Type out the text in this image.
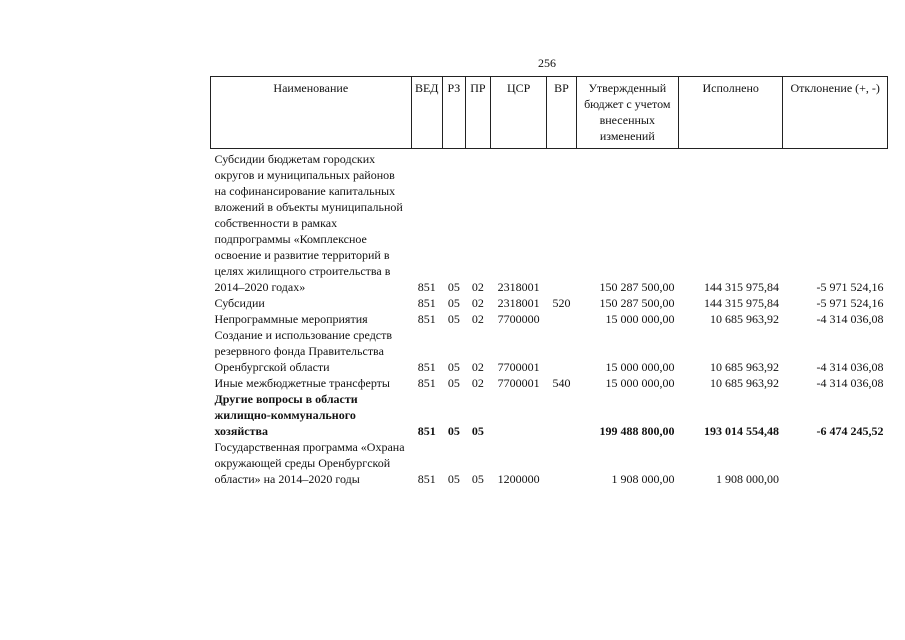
256
Наименование	ВЕД	РЗ	ПР	ЦСР	ВР	Утвержденный бюджет с учетом внесенных изменений	Исполнено	Отклонение (+, -)
Субсидии бюджетам городских округов и муниципальных районов на софинансирование капитальных вложений в объекты муниципальной собственности в рамках подпрограммы «Комплексное освоение и развитие территорий в целях жилищного строительства в 2014–2020 годах»	851	05	02	2318001		150 287 500,00	144 315 975,84	-5 971 524,16
Субсидии	851	05	02	2318001	520	150 287 500,00	144 315 975,84	-5 971 524,16
Непрограммные мероприятия	851	05	02	7700000		15 000 000,00	10 685 963,92	-4 314 036,08
Создание и использование средств резервного фонда Правительства Оренбургской области	851	05	02	7700001		15 000 000,00	10 685 963,92	-4 314 036,08
Иные межбюджетные трансферты	851	05	02	7700001	540	15 000 000,00	10 685 963,92	-4 314 036,08
Другие вопросы в области жилищно-коммунального хозяйства	851	05	05			199 488 800,00	193 014 554,48	-6 474 245,52
Государственная программа «Охрана окружающей среды Оренбургской области» на 2014–2020 годы	851	05	05	1200000		1 908 000,00	1 908 000,00	
